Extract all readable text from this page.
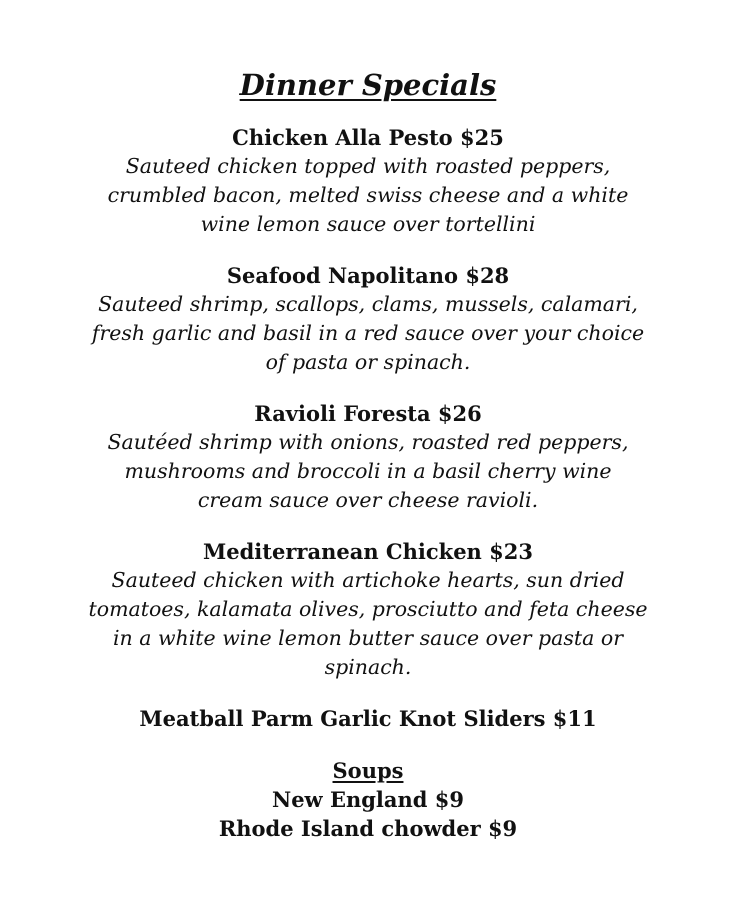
Dinner Specials
Chicken Alla Pesto $25
Sauteed chicken topped with roasted peppers, crumbled bacon, melted swiss cheese and a white wine lemon sauce over tortellini
Seafood Napolitano $28
Sauteed shrimp, scallops, clams, mussels, calamari, fresh garlic and basil in a red sauce over your choice of pasta or spinach.
Ravioli Foresta $26
Sautéed shrimp with onions, roasted red peppers, mushrooms and broccoli in a basil cherry wine cream sauce over cheese ravioli.
Mediterranean Chicken $23
Sauteed chicken with artichoke hearts, sun dried tomatoes, kalamata olives, prosciutto and feta cheese in a white wine lemon butter sauce over pasta or spinach.
Meatball Parm Garlic Knot Sliders $11
Soups
New England $9
Rhode Island chowder $9
